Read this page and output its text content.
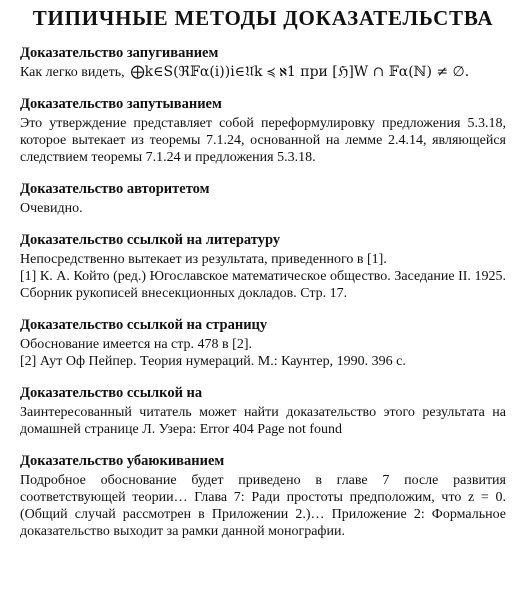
ТИПИЧНЫЕ МЕТОДЫ ДОКАЗАТЕЛЬСТВА
Доказательство запугиванием
Как легко видеть, ⨁k∈S(ℜ𝔽α(i))i∈𝔘k ≼ ℵ1 при [ℌ]W ∩ 𝔽α(ℕ) ≠ ∅.
Доказательство запутыванием

Это утверждение представляет собой переформулировку предложения 5.3.18, которое вытекает из теоремы 7.1.24, основанной на лемме 2.4.14, являющейся следствием теоремы 7.1.24 и предложения 5.3.18.

Доказательство авторитетом

Очевидно.

Доказательство ссылкой на литературу

Непосредственно вытекает из результата, приведенного в [1].

[1] К. А. Който (ред.) Югославское математическое общество. Заседание II. 1925. Сборник рукописей внесекционных докладов. Стр. 17.

Доказательство ссылкой на страницу

Обоснование имеется на стр. 478 в [2].

[2] Аут Оф Пейпер. Теория нумераций. М.: Каунтер, 1990. 396 с.

Доказательство ссылкой на

Заинтересованный читатель может найти доказательство этого результата на домашней странице Л. Узера: Error 404 Page not found

Доказательство убаюкиванием

Подробное обоснование будет приведено в главе 7 после развития соответствующей теории… Глава 7: Ради простоты предположим, что z = 0. (Общий случай рассмотрен в Приложении 2.)… Приложение 2: Формальное доказательство выходит за рамки данной монографии.
